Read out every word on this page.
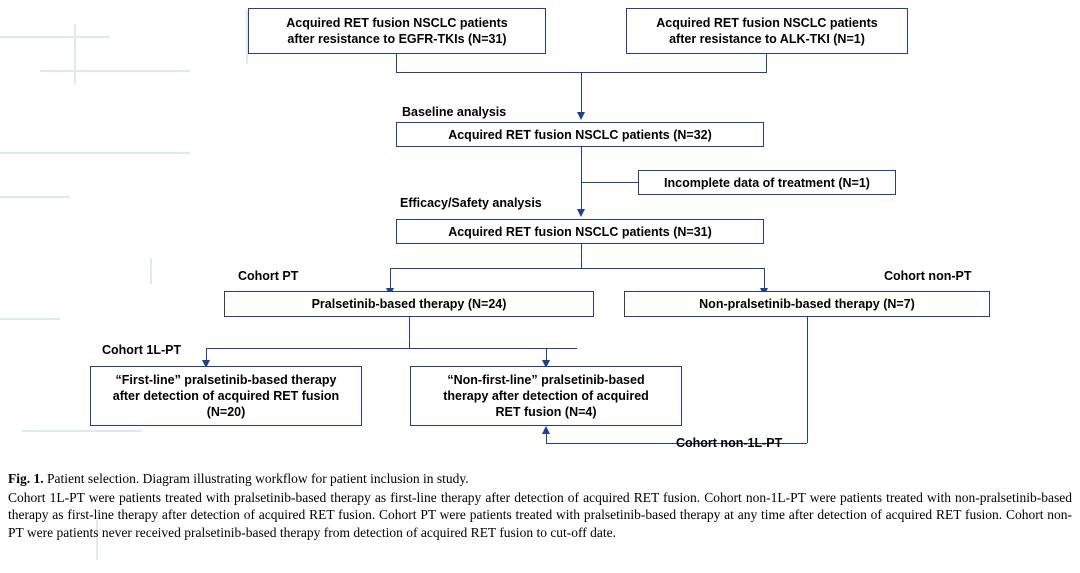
Acquired RET fusion NSCLC patients
after resistance to EGFR-TKIs (N=31)
Acquired RET fusion NSCLC patients
after resistance to ALK-TKI (N=1)
Baseline analysis
Acquired RET fusion NSCLC patients (N=32)
Incomplete data of treatment (N=1)
Efficacy/Safety analysis
Acquired RET fusion NSCLC patients (N=31)
Cohort PT	Cohort non-PT
Pralsetinib-based therapy (N=24)	Non-pralsetinib-based therapy (N=7)
Cohort 1L-PT
“First-line” pralsetinib-based therapy
after detection of acquired RET fusion
(N=20)
“Non-first-line” pralsetinib-based
therapy after detection of acquired
RET fusion (N=4)
Cohort non-1L-PT

Fig. 1. Patient selection. Diagram illustrating workflow for patient inclusion in study.

Cohort 1L-PT were patients treated with pralsetinib-based therapy as first-line therapy after detection of acquired RET fusion. Cohort non-1L-PT were patients treated with non-pralsetinib-based therapy as first-line therapy after detection of acquired RET fusion. Cohort PT were patients treated with pralsetinib-based therapy at any time after detection of acquired RET fusion. Cohort non-PT were patients never received pralsetinib-based therapy from detection of acquired RET fusion to cut-off date.
